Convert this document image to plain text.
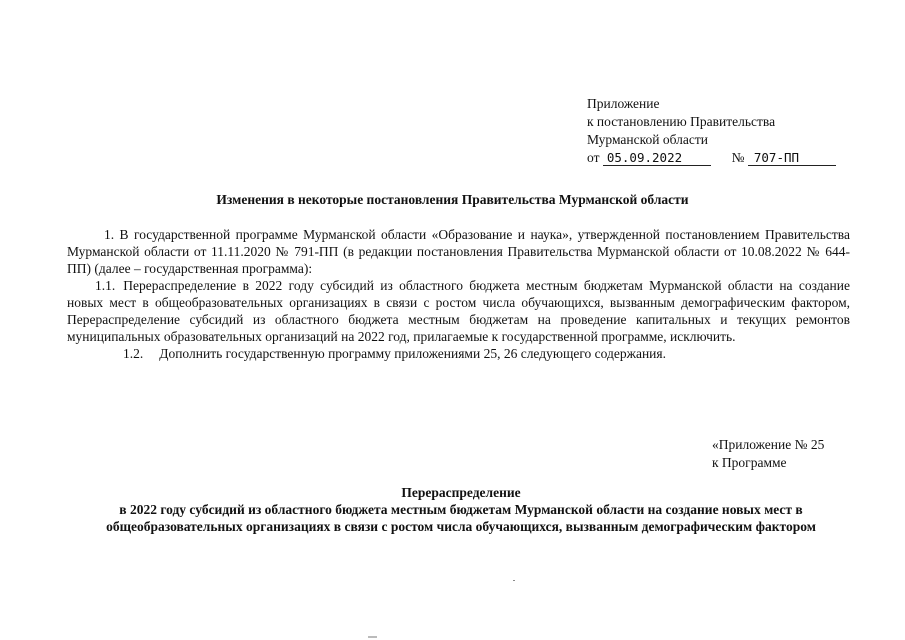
Приложение
к постановлению Правительства
Мурманской области
от 05.09.2022	№ 707-ПП
Изменения в некоторые постановления Правительства Мурманской области

1. В государственной программе Мурманской области «Образование и наука», утвержденной постановлением Правительства Мурманской области от 11.11.2020 № 791-ПП (в редакции постановления Правительства Мурманской области от 10.08.2022 № 644-ПП) (далее – государственная программа):

1.1. Перераспределение в 2022 году субсидий из областного бюджета местным бюджетам Мурманской области на создание новых мест в общеобразовательных организациях в связи с ростом числа обучающихся, вызванным демографическим фактором, Перераспределение субсидий из областного бюджета местным бюджетам на проведение капитальных и текущих ремонтов муниципальных образовательных организаций на 2022 год, прилагаемые к государственной программе, исключить.

1.2. Дополнить государственную программу приложениями 25, 26 следующего содержания.

«Приложение № 25
к Программе
Перераспределение
в 2022 году субсидий из областного бюджета местным бюджетам Мурманской области на создание новых мест в общеобразовательных организациях в связи с ростом числа обучающихся, вызванным демографическим фактором
